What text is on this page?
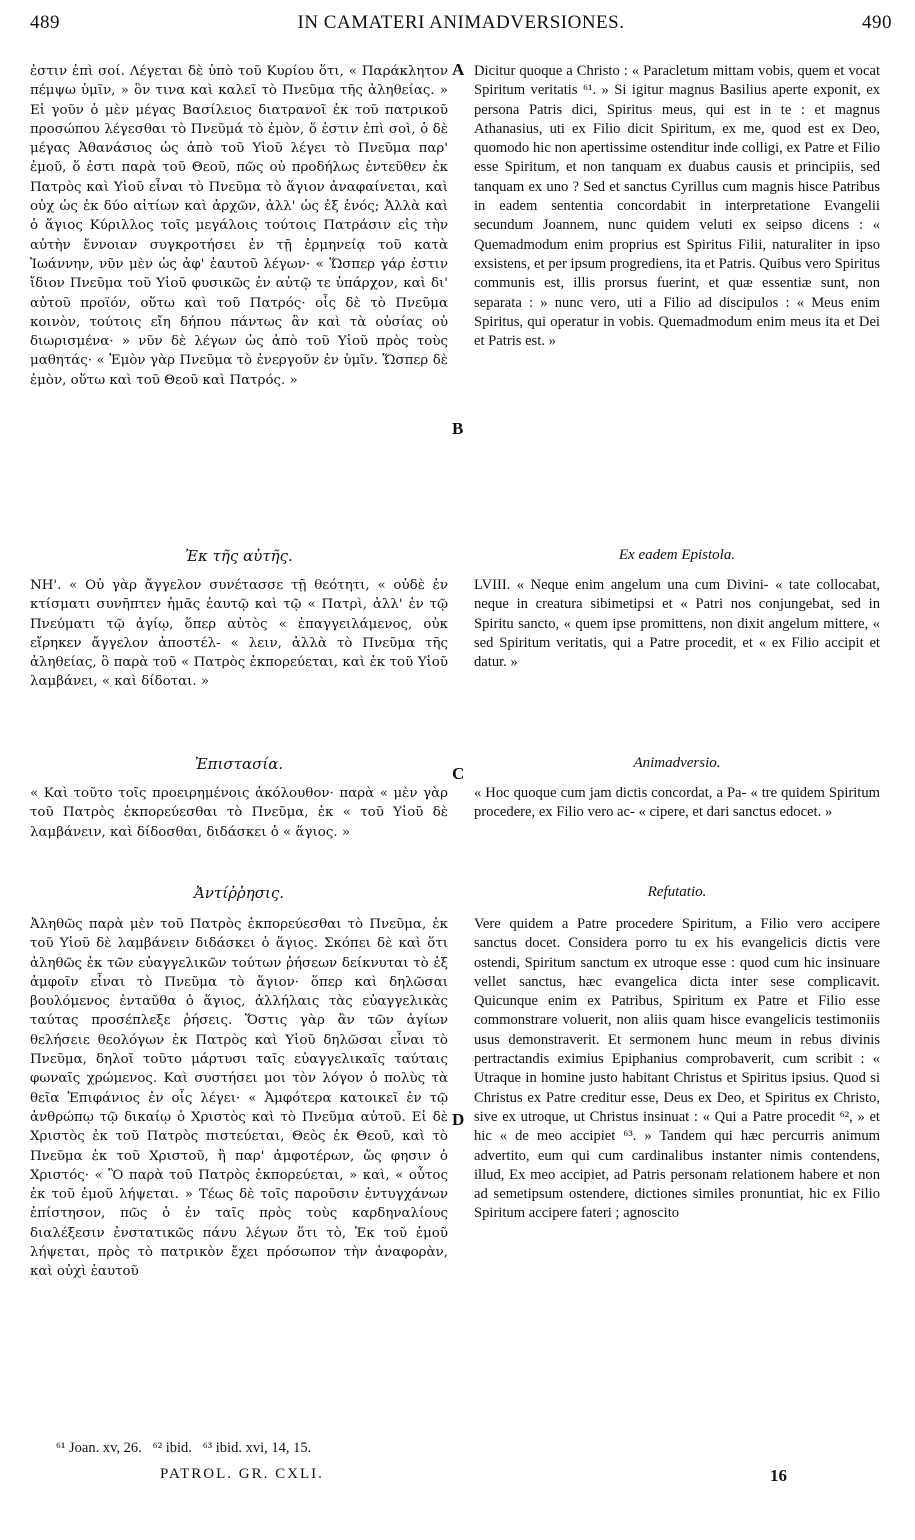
489	IN CAMATERI ANIMADVERSIONES.	490
ἐστιν ἐπὶ σοί. Λέγεται δὲ ὑπὸ τοῦ Κυρίου ὅτι, « Παράκλητον πέμψω ὑμῖν, » ὃν τινα καὶ καλεῖ τὸ Πνεῦμα τῆς ἀληθείας. » Εἰ γοῦν ὁ μὲν μέγας Βασίλειος διατρανοῖ ἐκ τοῦ πατρικοῦ προσώπου λέγεσθαι τὸ Πνεῦμά τὸ ἐμὸν, ὅ ἐστιν ἐπὶ σοὶ, ὁ δὲ μέγας Ἀθανάσιος ὡς ἀπὸ τοῦ Υἱοῦ λέγει τὸ Πνεῦμα παρ' ἐμοῦ, ὅ ἐστι παρὰ τοῦ Θεοῦ, πῶς οὐ προδήλως ἐντεῦθεν ἐκ Πατρὸς καὶ Υἱοῦ εἶναι τὸ Πνεῦμα τὸ ἅγιον ἀναφαίνεται, καὶ οὐχ ὡς ἐκ δύο αἰτίων καὶ ἀρχῶν, ἀλλ' ὡς ἐξ ἑνός; Ἀλλὰ καὶ ὁ ἅγιος Κύριλλος τοῖς μεγάλοις τούτοις Πατράσιν εἰς τὴν αὐτὴν ἔννοιαν συγκροτήσει ἐν τῇ ἑρμηνείᾳ τοῦ κατὰ Ἰωάννην, νῦν μὲν ὡς ἀφ' ἑαυτοῦ λέγων· « Ὥσπερ γάρ ἐστιν ἴδιον Πνεῦμα τοῦ Υἱοῦ φυσικῶς ἐν αὐτῷ τε ὑπάρχον, καὶ δι' αὐτοῦ προϊόν, οὕτω καὶ τοῦ Πατρός· οἷς δὲ τὸ Πνεῦμα κοινὸν, τούτοις εἴη δήπου πάντως ἂν καὶ τὰ οὐσίας οὐ διωρισμένα· » νῦν δὲ λέγων ὡς ἀπὸ τοῦ Υἱοῦ πρὸς τοὺς μαθητάς· « Ἐμὸν γὰρ Πνεῦμα τὸ ἐνεργοῦν ἐν ὑμῖν. Ὥσπερ δὲ ἐμὸν, οὕτω καὶ τοῦ Θεοῦ καὶ Πατρός. »
Ἐκ τῆς αὐτῆς.
ΝΗ'. « Οὐ γὰρ ἄγγελον συνέτασσε τῇ θεότητι, « οὐδὲ ἐν κτίσματι συνῆπτεν ἡμᾶς ἑαυτῷ καὶ τῷ « Πατρὶ, ἀλλ' ἐν τῷ Πνεύματι τῷ ἁγίῳ, ὅπερ αὐτὸς « ἐπαγγειλάμενος, οὐκ εἴρηκεν ἄγγελον ἀποστέλ- « λειν, ἀλλὰ τὸ Πνεῦμα τῆς ἀληθείας, ὃ παρὰ τοῦ « Πατρὸς ἐκπορεύεται, καὶ ἐκ τοῦ Υἱοῦ λαμβάνει, « καὶ δίδοται. »
Ἐπιστασία.
« Καὶ τοῦτο τοῖς προειρημένοις ἀκόλουθον· παρὰ « μὲν γὰρ τοῦ Πατρὸς ἐκπορεύεσθαι τὸ Πνεῦμα, ἐκ « τοῦ Υἱοῦ δὲ λαμβάνειν, καὶ δίδοσθαι, διδάσκει ὁ « ἅγιος. »
Ἀντίῤῥησις.
Ἀληθῶς παρὰ μὲν τοῦ Πατρὸς ἐκπορεύεσθαι τὸ Πνεῦμα, ἐκ τοῦ Υἱοῦ δὲ λαμβάνειν διδάσκει ὁ ἅγιος. Σκόπει δὲ καὶ ὅτι ἀληθῶς ἐκ τῶν εὐαγγελικῶν τούτων ῥήσεων δείκνυται τὸ ἐξ ἀμφοῖν εἶναι τὸ Πνεῦμα τὸ ἅγιον· ὅπερ καὶ δηλῶσαι βουλόμενος ἐνταῦθα ὁ ἅγιος, ἀλλήλαις τὰς εὐαγγελικὰς ταύτας προσέπλεξε ῥήσεις. Ὅστις γὰρ ἂν τῶν ἁγίων θελήσειε θεολόγων ἐκ Πατρὸς καὶ Υἱοῦ δηλῶσαι εἶναι τὸ Πνεῦμα, δηλοῖ τοῦτο μάρτυσι ταῖς εὐαγγελικαῖς ταύταις φωναῖς χρώμενος. Καὶ συστήσει μοι τὸν λόγον ὁ πολὺς τὰ θεῖα Ἐπιφάνιος ἐν οἷς λέγει· « Ἀμφότερα κατοικεῖ ἐν τῷ ἀνθρώπῳ τῷ δικαίῳ ὁ Χριστὸς καὶ τὸ Πνεῦμα αὐτοῦ. Εἰ δὲ Χριστὸς ἐκ τοῦ Πατρὸς πιστεύεται, Θεὸς ἐκ Θεοῦ, καὶ τὸ Πνεῦμα ἐκ τοῦ Χριστοῦ, ἢ παρ' ἀμφοτέρων, ὥς φησιν ὁ Χριστός· « Ὃ παρὰ τοῦ Πατρὸς ἐκπορεύεται, » καὶ, « οὗτος ἐκ τοῦ ἐμοῦ λήψεται. » Τέως δὲ τοῖς παροῦσιν ἐντυγχάνων ἐπίστησον, πῶς ὁ ἐν ταῖς πρὸς τοὺς καρδηναλίους διαλέξεσιν ἐνστατικῶς πάνυ λέγων ὅτι τὸ, Ἐκ τοῦ ἐμοῦ λήψεται, πρὸς τὸ πατρικὸν ἔχει πρόσωπον τὴν ἀναφορὰν, καὶ οὐχὶ ἑαυτοῦ
A
B
C
D
Dicitur quoque a Christo : « Paracletum mittam vobis, quem et vocat Spiritum veritatis ⁶¹. » Si igitur magnus Basilius aperte exponit, ex persona Patris dici, Spiritus meus, qui est in te : et magnus Athanasius, uti ex Filio dicit Spiritum, ex me, quod est ex Deo, quomodo hic non apertissime ostenditur inde colligi, ex Patre et Filio esse Spiritum, et non tanquam ex duabus causis et principiis, sed tanquam ex uno ? Sed et sanctus Cyrillus cum magnis hisce Patribus in eadem sententia concordabit in interpretatione Evangelii secundum Joannem, nunc quidem veluti ex seipso dicens : « Quemadmodum enim proprius est Spiritus Filii, naturaliter in ipso exsistens, et per ipsum progrediens, ita et Patris. Quibus vero Spiritus communis est, illis prorsus fuerint, et quæ essentiæ sunt, non separata : » nunc vero, uti a Filio ad discipulos : « Meus enim Spiritus, qui operatur in vobis. Quemadmodum enim meus ita et Dei et Patris est. »
Ex eadem Epistola.
LVIII. « Neque enim angelum una cum Divini- « tate collocabat, neque in creatura sibimetipsi et « Patri nos conjungebat, sed in Spiritu sancto, « quem ipse promittens, non dixit angelum mittere, « sed Spiritum veritatis, qui a Patre procedit, et « ex Filio accipit et datur. »
Animadversio.
« Hoc quoque cum jam dictis concordat, a Pa- « tre quidem Spiritum procedere, ex Filio vero ac- « cipere, et dari sanctus edocet. »
Refutatio.
Vere quidem a Patre procedere Spiritum, a Filio vero accipere sanctus docet. Considera porro tu ex his evangelicis dictis vere ostendi, Spiritum sanctum ex utroque esse : quod cum hic insinuare vellet sanctus, hæc evangelica dicta inter sese complicavit. Quicunque enim ex Patribus, Spiritum ex Patre et Filio esse commonstrare voluerit, non aliis quam hisce evangelicis testimoniis usus demonstraverit. Et sermonem hunc meum in rebus divinis pertractandis eximius Epiphanius comprobaverit, cum scribit : « Utraque in homine justo habitant Christus et Spiritus ipsius. Quod si Christus ex Patre creditur esse, Deus ex Deo, et Spiritus ex Christo, sive ex utroque, ut Christus insinuat : « Qui a Patre procedit ⁶², » et hic « de meo accipiet ⁶³. » Tandem qui hæc percurris animum advertito, eum qui cum cardinalibus instanter nimis contendens, illud, Ex meo accipiet, ad Patris personam relationem habere et non ad semetipsum ostendere, dictiones similes pronuntiat, hic ex Filio Spiritum accipere fateri ; agnoscito
⁶¹ Joan. xv, 26.   ⁶² ibid.   ⁶³ ibid. xvi, 14, 15.
PATROL. GR. CXLI.	16
